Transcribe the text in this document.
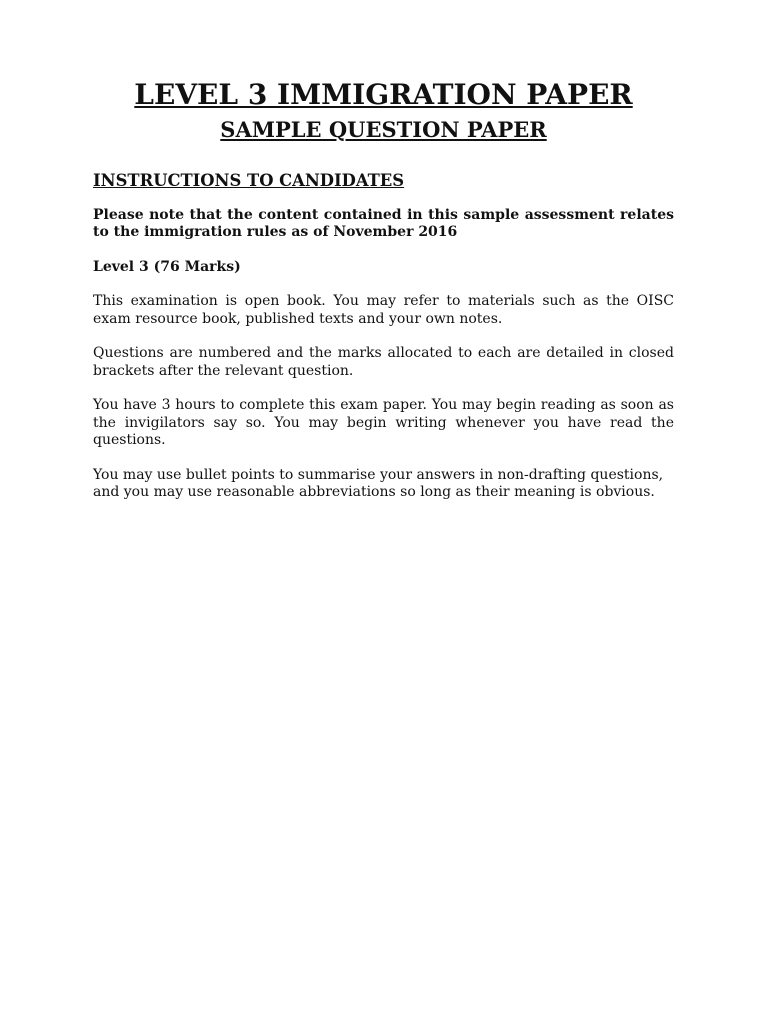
LEVEL 3 IMMIGRATION PAPER
SAMPLE QUESTION PAPER
INSTRUCTIONS TO CANDIDATES

Please note that the content contained in this sample assessment relates to the immigration rules as of November 2016

Level 3 (76 Marks)

This examination is open book. You may refer to materials such as the OISC exam resource book, published texts and your own notes.

Questions are numbered and the marks allocated to each are detailed in closed brackets after the relevant question.

You have 3 hours to complete this exam paper. You may begin reading as soon as the invigilators say so. You may begin writing whenever you have read the questions.

You may use bullet points to summarise your answers in non-drafting questions, and you may use reasonable abbreviations so long as their meaning is obvious.
